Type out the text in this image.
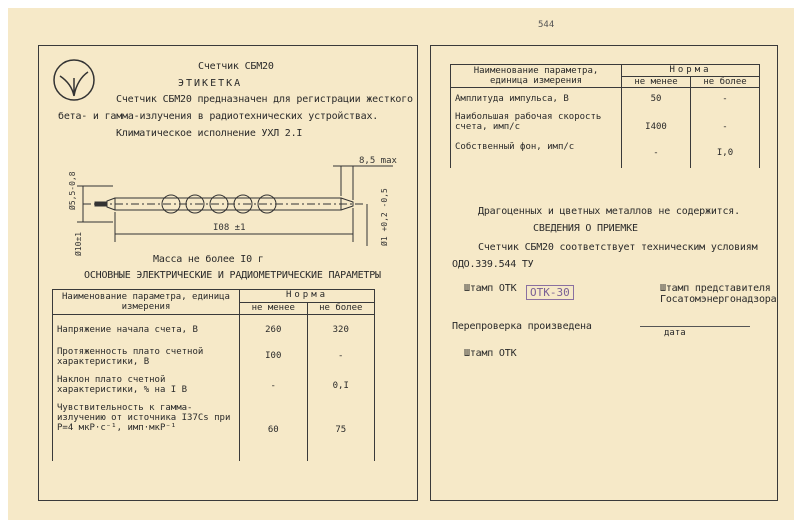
544
Счетчик СБМ20
ЭТИКЕТКА
Счетчик СБМ20 предназначен для регистрации жесткого
бета- и гамма-излучения в радиотехнических устройствах.
Климатическое исполнение УХЛ 2.I
Ø5,5-0,8
8,5 max
I08 ±1
Ø10±1	Ø1 +0,2 -0,5
Масса не более I0 г
ОСНОВНЫЕ ЭЛЕКТРИЧЕСКИЕ И РАДИОМЕТРИЧЕСКИЕ ПАРАМЕТРЫ
Наименование параметра, единица измерения	Норма	
	не менее	не более
Напряжение начала счета, В	260	320
Протяженность плато счетной характеристики, В	I00	-
Наклон плато счетной характеристики, % на I В	-	0,I
Чувствительность к гамма-излучению от источника I37Cs при P=4 мкР·с⁻¹, имп·мкР⁻¹	60	75
Наименование параметра, единица измерения	Норма	
	не менее	не более
Амплитуда импульса, В	50	-
Наибольшая рабочая скорость счета, имп/с	I400	-
Собственный фон, имп/с	-	I,0
Драгоценных и цветных металлов не содержится.
СВЕДЕНИЯ О ПРИЕМКЕ
Счетчик СБМ20 соответствует техническим условиям
ОДО.339.544 ТУ
Штамп ОТК	ОТК-30	Штамп представителя
Госатомэнергонадзора
Перепроверка произведена
дата
Штамп ОТК
